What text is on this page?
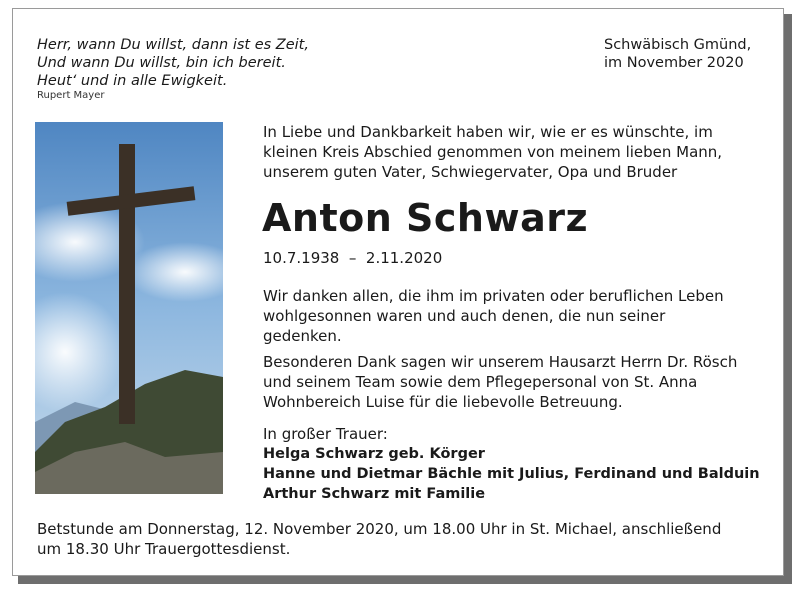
Herr, wann Du willst, dann ist es Zeit,
Und wann Du willst, bin ich bereit.
Heut‘ und in alle Ewigkeit.
Rupert Mayer
Schwäbisch Gmünd,
im November 2020
In Liebe und Dankbarkeit haben wir, wie er es wünschte, im
kleinen Kreis Abschied genommen von meinem lieben Mann,
unserem guten Vater, Schwiegervater, Opa und Bruder
Anton Schwarz
10.7.1938  –  2.11.2020
Wir danken allen, die ihm im privaten oder beruflichen Leben
wohlgesonnen waren und auch denen, die nun seiner
gedenken.
Besonderen Dank sagen wir unserem Hausarzt Herrn Dr. Rösch
und seinem Team sowie dem Pflegepersonal von St. Anna
Wohnbereich Luise für die liebevolle Betreuung.
In großer Trauer:
Helga Schwarz geb. Körger
Hanne und Dietmar Bächle mit Julius, Ferdinand und Balduin
Arthur Schwarz mit Familie
Betstunde am Donnerstag, 12. November 2020, um 18.00 Uhr in St. Michael, anschließend
um 18.30 Uhr Trauergottesdienst.
